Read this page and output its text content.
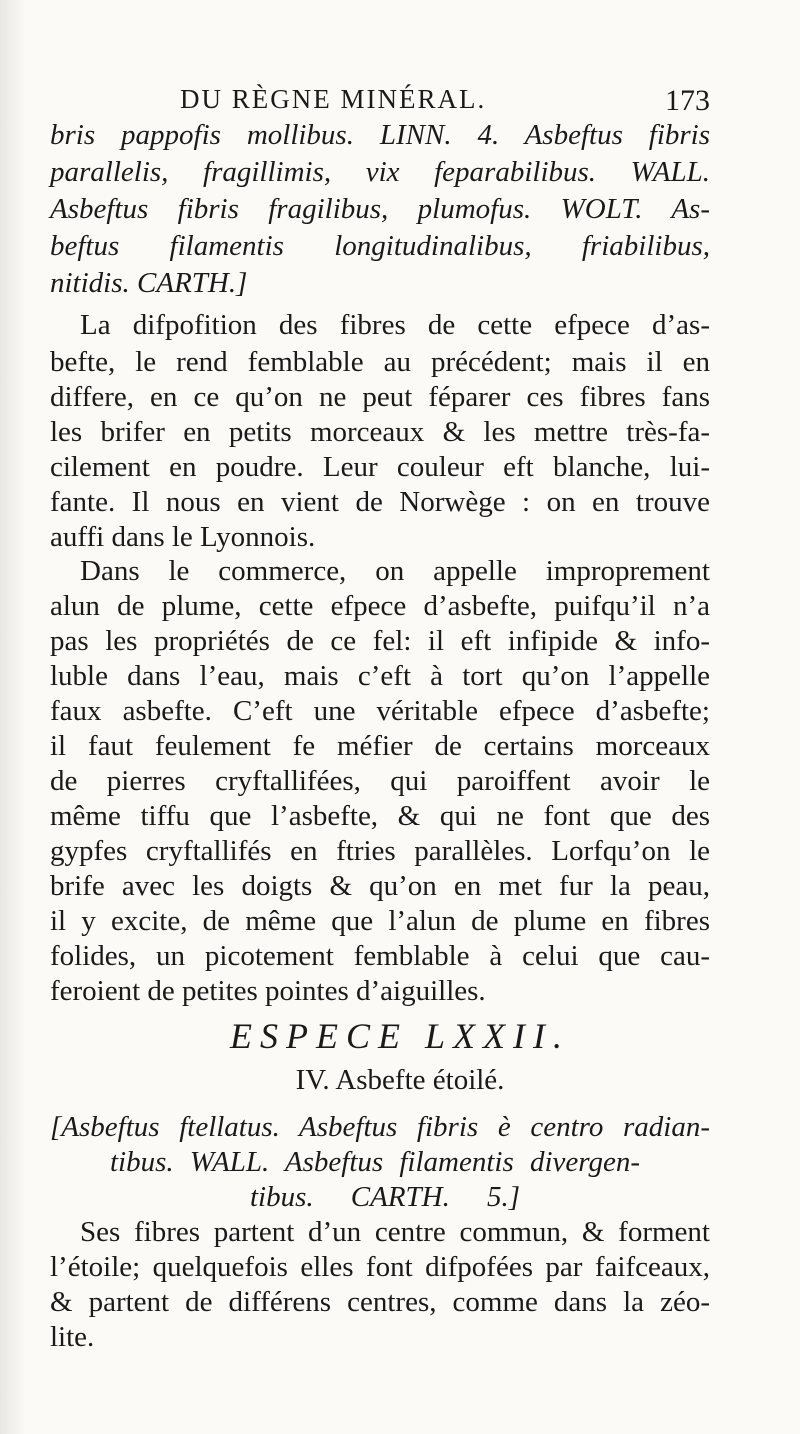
DU RÈGNE MINÉRAL.	173
bris pappofis mollibus. LINN. 4. Asbeftus fibris
parallelis, fragillimis, vix feparabilibus. WALL.
Asbeftus fibris fragilibus, plumofus. WOLT. As-
beftus filamentis longitudinalibus, friabilibus,
nitidis. CARTH.]
La difpofition des fibres de cette efpece d’as-
befte, le rend femblable au précédent; mais il en
differe, en ce qu’on ne peut féparer ces fibres fans
les brifer en petits morceaux & les mettre très-fa-
cilement en poudre. Leur couleur eft blanche, lui-
fante. Il nous en vient de Norwège : on en trouve
auffi dans le Lyonnois.
Dans le commerce, on appelle improprement
alun de plume, cette efpece d’asbefte, puifqu’il n’a
pas les propriétés de ce fel: il eft infipide & info-
luble dans l’eau, mais c’eft à tort qu’on l’appelle
faux asbefte. C’eft une véritable efpece d’asbefte;
il faut feulement fe méfier de certains morceaux
de pierres cryftallifées, qui paroiffent avoir le
même tiffu que l’asbefte, & qui ne font que des
gypfes cryftallifés en ftries parallèles. Lorfqu’on le
brife avec les doigts & qu’on en met fur la peau,
il y excite, de même que l’alun de plume en fibres
folides, un picotement femblable à celui que cau-
feroient de petites pointes d’aiguilles.
ESPECE LXXII.
IV. Asbefte étoilé.
[Asbeftus ftellatus. Asbeftus fibris è centro radian-
tibus. WALL. Asbeftus filamentis divergen-
tibus. CARTH. 5.]
Ses fibres partent d’un centre commun, & forment
l’étoile; quelquefois elles font difpofées par faifceaux,
& partent de différens centres, comme dans la zéo-
lite.
